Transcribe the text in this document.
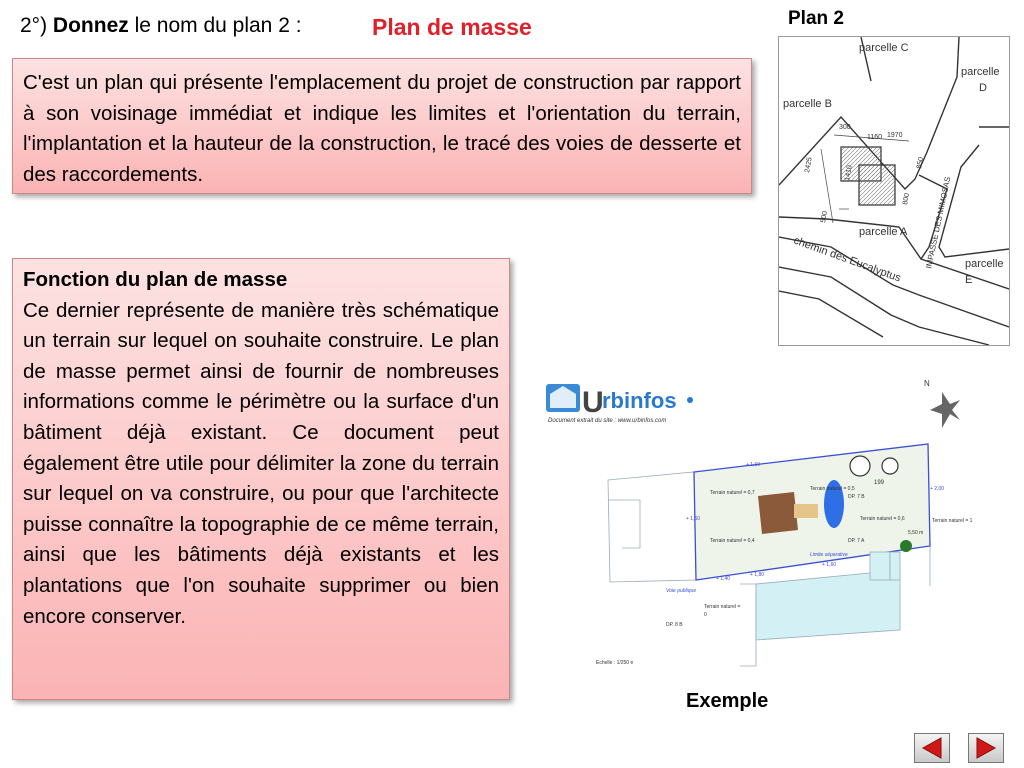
2°) Donnez le nom du plan 2 :	Plan de masse	Plan 2
C'est un plan qui présente l'emplacement du projet de construction par rapport à son voisinage immédiat et indique les limites et l'orientation du terrain, l'implantation et la hauteur de la construction, le tracé des voies de desserte et des raccordements.
Fonction du plan de masse
Ce dernier représente de manière très schématique un terrain sur lequel on souhaite construire. Le plan de masse permet ainsi de fournir de nombreuses informations comme le périmètre ou la surface d'un bâtiment déjà existant. Ce document peut également être utile pour délimiter la zone du terrain sur lequel on va construire, ou pour que l'architecte puisse connaître la topographie de ce même terrain, ainsi que les bâtiments déjà existants et les plantations que l'on souhaite supprimer ou bien encore conserver.
parcelle C
parcelle
D
parcelle B
parcelle A
parcelle
E
chemin des Eucalyptus	IMPASSE DES MIMOSAS
300
1160 1970
2425	1410
500
850
800
U
rbinfos
Document extrait du site : www.urbinfos.com
N
+ 1,60
+ 2,00
+ 1,60
+ 1,60
+ 1,40
+ 1,80
Terrain naturel = 0,7
Terrain naturel = 0,5
Terrain naturel = 0,6
Terrain naturel = 0,4
Terrain naturel = 1
Terrain naturel =
0
199
DP. 7 B
DP. 7 A
DP. 8 B
Voie publique
Limite séparative
Echelle : 1/250 e
5,50 m
Exemple
